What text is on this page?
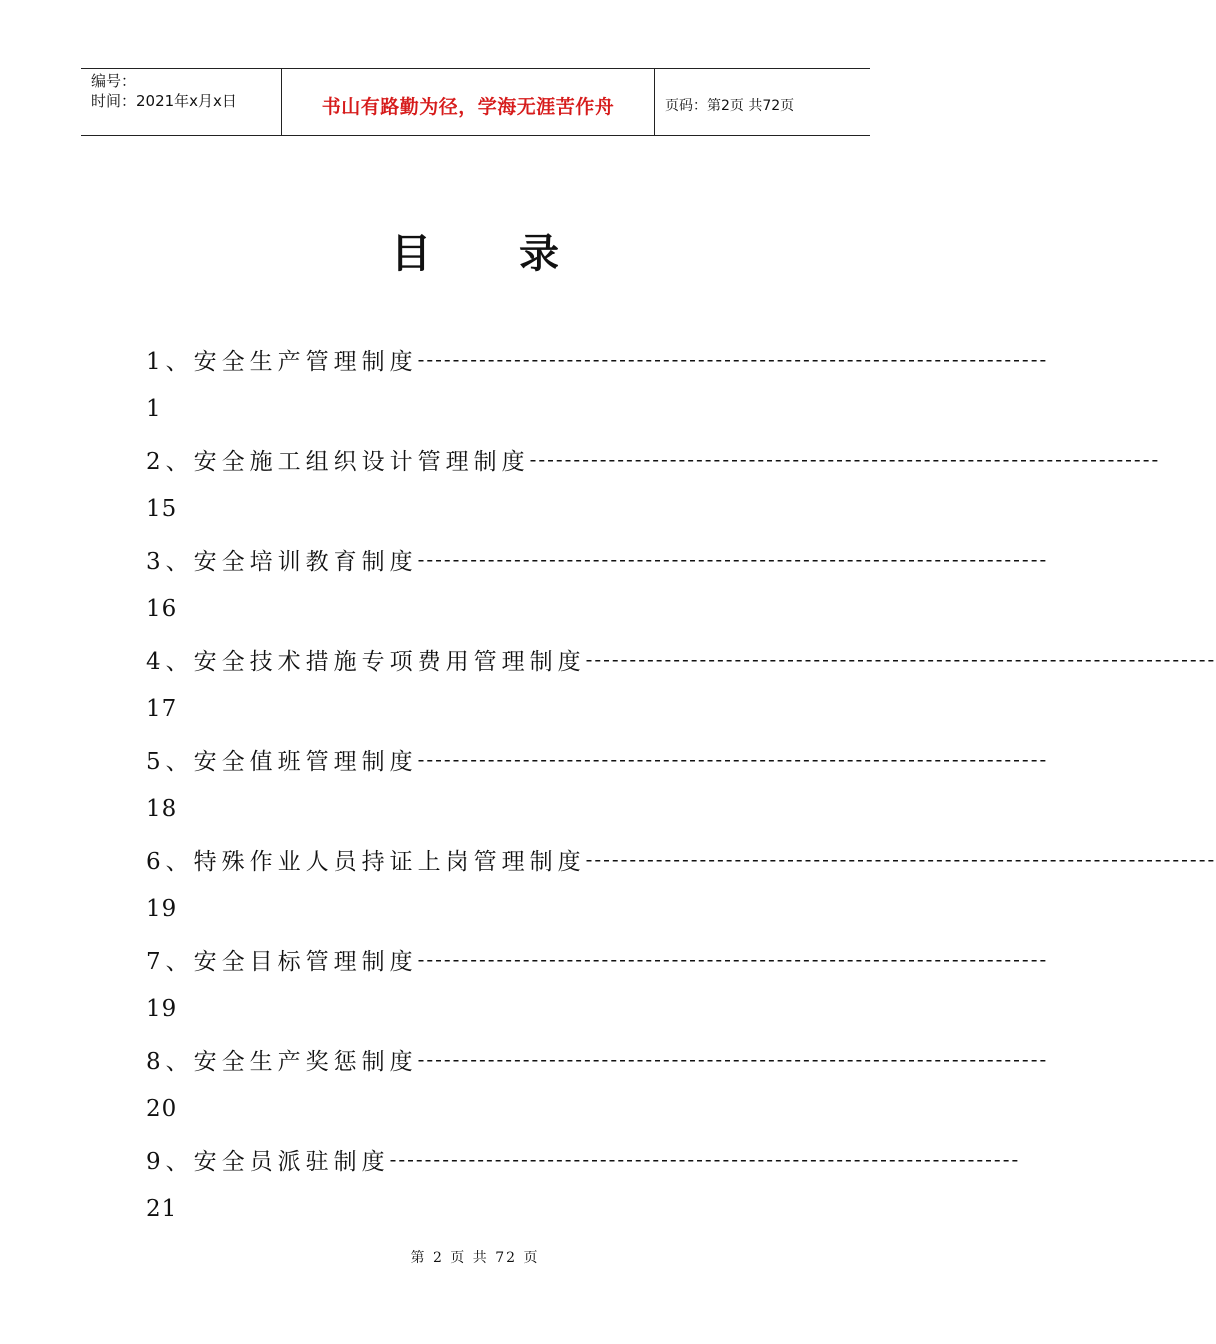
编号：
时间：2021年x月x日	书山有路勤为径，学海无涯苦作舟	页码：第2页 共72页
目 录
1、安全生产管理制度 ------------------------------------------------------------------------
1
2、安全施工组织设计管理制度 ------------------------------------------------------------------------
15
3、安全培训教育制度 ------------------------------------------------------------------------
16
4、安全技术措施专项费用管理制度 ------------------------------------------------------------------------
17
5、安全值班管理制度 ------------------------------------------------------------------------
18
6、特殊作业人员持证上岗管理制度 ------------------------------------------------------------------------
19
7、安全目标管理制度 ------------------------------------------------------------------------
19
8、安全生产奖惩制度 ------------------------------------------------------------------------
20
9、安全员派驻制度 ------------------------------------------------------------------------
21
第 2 页 共 72 页
